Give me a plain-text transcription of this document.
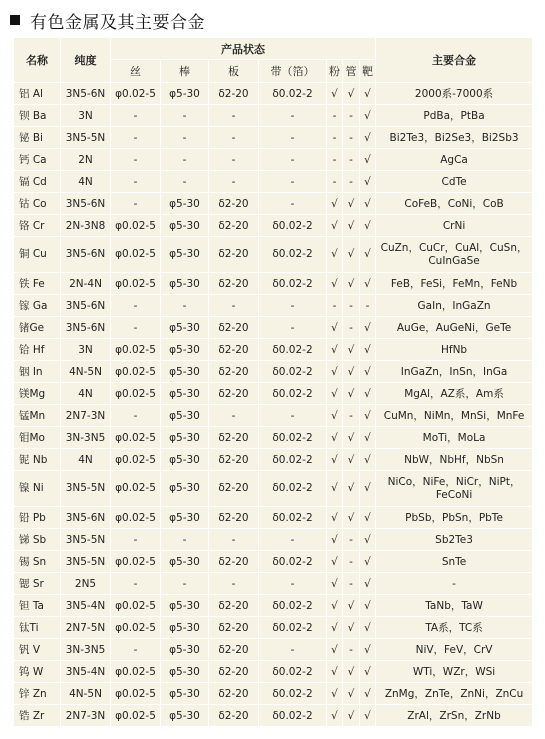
有色金属及其主要合金
名称	纯度	产品状态							主要合金
		丝	棒	板	带（箔）	粉	管	靶	
铝 Al	3N5-6N	φ0.02-5	φ5-30	δ2-20	δ0.02-2	√	√	√	2000系-7000系
钡 Ba	3N	-	-	-	-	-	-	√	PdBa，PtBa
铋 Bi	3N5-5N	-	-	-	-	-	-	√	Bi2Te3，Bi2Se3，Bi2Sb3
钙 Ca	2N	-	-	-	-	-	-	√	AgCa
镉 Cd	4N	-	-	-	-	-	-	√	CdTe
钴 Co	3N5-6N	-	φ5-30	δ2-20	-	√	√	√	CoFeB，CoNi，CoB
铬 Cr	2N-3N8	φ0.02-5	φ5-30	δ2-20	δ0.02-2	√	√	√	CrNi
铜 Cu	3N5-6N	φ0.02-5	φ5-30	δ2-20	δ0.02-2	√	√	√	CuZn，CuCr，CuAl，CuSn，CuInGaSe
铁 Fe	2N-4N	φ0.02-5	φ5-30	δ2-20	δ0.02-2	√	√	√	FeB，FeSi，FeMn，FeNb
镓 Ga	3N5-6N	-	-	-	-	-	-	-	GaIn，InGaZn
锗Ge	3N5-6N	-	φ5-30	δ2-20	-	√	-	√	AuGe，AuGeNi，GeTe
铪 Hf	3N	φ0.02-5	φ5-30	δ2-20	δ0.02-2	√	√	√	HfNb
铟 In	4N-5N	φ0.02-5	φ5-30	δ2-20	δ0.02-2	√	√	√	InGaZn，InSn，InGa
镁Mg	4N	φ0.02-5	φ5-30	δ2-20	δ0.02-2	√	√	√	MgAl，AZ系，Am系
锰Mn	2N7-3N	-	φ5-30	-	-	√	-	√	CuMn，NiMn，MnSi，MnFe
钼Mo	3N-3N5	φ0.02-5	φ5-30	δ2-20	δ0.02-2	√	√	√	MoTi，MoLa
铌 Nb	4N	φ0.02-5	φ5-30	δ2-20	δ0.02-2	√	√	√	NbW，NbHf，NbSn
镍 Ni	3N5-5N	φ0.02-5	φ5-30	δ2-20	δ0.02-2	√	√	√	NiCo，NiFe，NiCr，NiPt，FeCoNi
铅 Pb	3N5-6N	φ0.02-5	φ5-30	δ2-20	δ0.02-2	√	√	√	PbSb，PbSn，PbTe
锑 Sb	3N5-5N	-	-	-	-	√	-	√	Sb2Te3
锡 Sn	3N5-5N	φ0.02-5	φ5-30	δ2-20	δ0.02-2	√	-	√	SnTe
锶 Sr	2N5	-	-	-	-	√	-	√	-
钽 Ta	3N5-4N	φ0.02-5	φ5-30	δ2-20	δ0.02-2	√	√	√	TaNb，TaW
钛Ti	2N7-5N	φ0.02-5	φ5-30	δ2-20	δ0.02-2	√	√	√	TA系，TC系
钒 V	3N-3N5	-	φ5-30	δ2-20	-	√	-	√	NiV，FeV，CrV
钨 W	3N5-4N	φ0.02-5	φ5-30	δ2-20	δ0.02-2	√	√	√	WTi，WZr，WSi
锌 Zn	4N-5N	φ0.02-5	φ5-30	δ2-20	δ0.02-2	√	√	√	ZnMg，ZnTe，ZnNi，ZnCu
锆 Zr	2N7-3N	φ0.02-5	φ5-30	δ2-20	δ0.02-2	√	√	√	ZrAl，ZrSn，ZrNb
